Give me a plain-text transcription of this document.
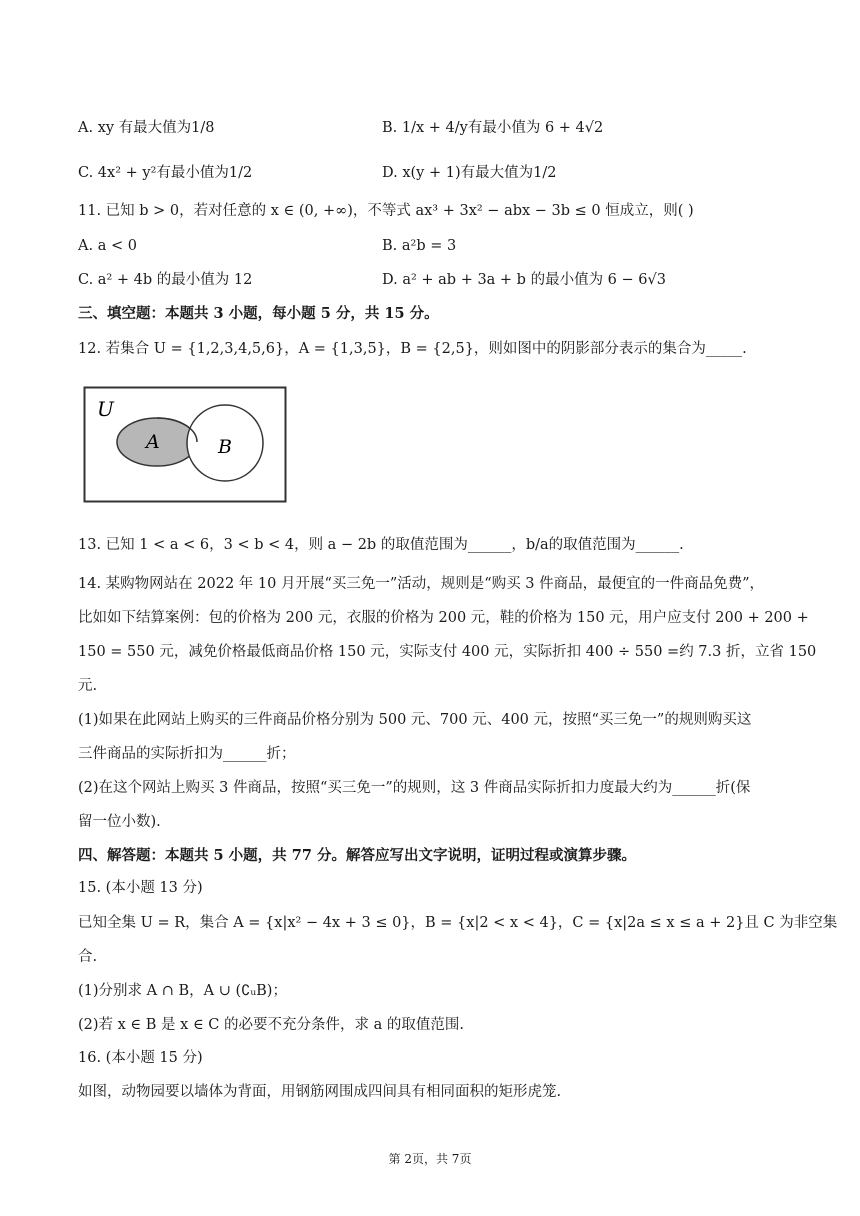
A. xy 有最大值为1/8	B. 1/x + 4/y有最小值为 6 + 4√2
C. 4x² + y²有最小值为1/2	D. x(y + 1)有最大值为1/2
11. 已知 b > 0，若对任意的 x ∈ (0, +∞)，不等式 ax³ + 3x² − abx − 3b ≤ 0 恒成立，则( )
A. a < 0	B. a²b = 3
C. a² + 4b 的最小值为 12	D. a² + ab + 3a + b 的最小值为 6 − 6√3
三、填空题：本题共 3 小题，每小题 5 分，共 15 分。
12. 若集合 U = {1,2,3,4,5,6}，A = {1,3,5}，B = {2,5}，则如图中的阴影部分表示的集合为_____.
U
A	B
13. 已知 1 < a < 6，3 < b < 4，则 a − 2b 的取值范围为______，b/a的取值范围为______.
14. 某购物网站在 2022 年 10 月开展“买三免一”活动，规则是“购买 3 件商品，最便宜的一件商品免费”，
比如如下结算案例：包的价格为 200 元，衣服的价格为 200 元，鞋的价格为 150 元，用户应支付 200 + 200 +
150 = 550 元，减免价格最低商品价格 150 元，实际支付 400 元，实际折扣 400 ÷ 550 =约 7.3 折，立省 150
元.
(1)如果在此网站上购买的三件商品价格分别为 500 元、700 元、400 元，按照“买三免一”的规则购买这
三件商品的实际折扣为______折；
(2)在这个网站上购买 3 件商品，按照“买三免一”的规则，这 3 件商品实际折扣力度最大约为______折(保
留一位小数).
四、解答题：本题共 5 小题，共 77 分。解答应写出文字说明，证明过程或演算步骤。
15. (本小题 13 分)
已知全集 U = R，集合 A = {x|x² − 4x + 3 ≤ 0}，B = {x|2 < x < 4}，C = {x|2a ≤ x ≤ a + 2}且 C 为非空集
合.
(1)分别求 A ∩ B，A ∪ (∁ᵤB)；
(2)若 x ∈ B 是 x ∈ C 的必要不充分条件，求 a 的取值范围.
16. (本小题 15 分)
如图，动物园要以墙体为背面，用钢筋网围成四间具有相同面积的矩形虎笼.
第 2页，共 7页
